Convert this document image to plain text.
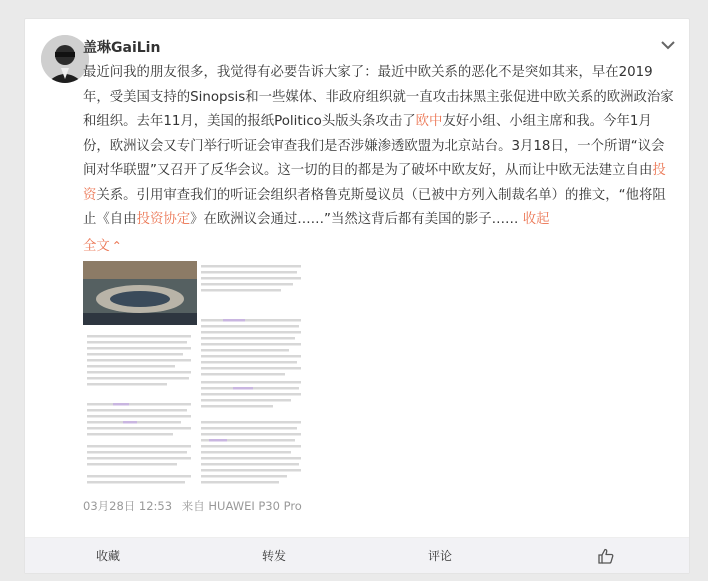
盖琳GaiLin
最近问我的朋友很多，我觉得有必要告诉大家了：最近中欧关系的恶化不是突如其来，早在2019年，受美国支持的Sinopsis和一些媒体、非政府组织就一直攻击抹黑主张促进中欧关系的欧洲政治家和组织。去年11月，美国的报纸Politico头版头条攻击了欧中友好小组、小组主席和我。今年1月份，欧洲议会又专门举行听证会审查我们是否涉嫌渗透欧盟为北京站台。3月18日，一个所谓“议会间对华联盟”又召开了反华会议。这一切的目的都是为了破坏中欧友好，从而让中欧无法建立自由投资关系。引用审查我们的听证会组织者格鲁克斯曼议员（已被中方列入制裁名单）的推文，“他将阻止《自由投资协定》在欧洲议会通过……”当然这背后都有美国的影子…… 收起
全文 ⌃
03月28日 12:53 来自 HUAWEI P30 Pro
收藏	转发	评论
